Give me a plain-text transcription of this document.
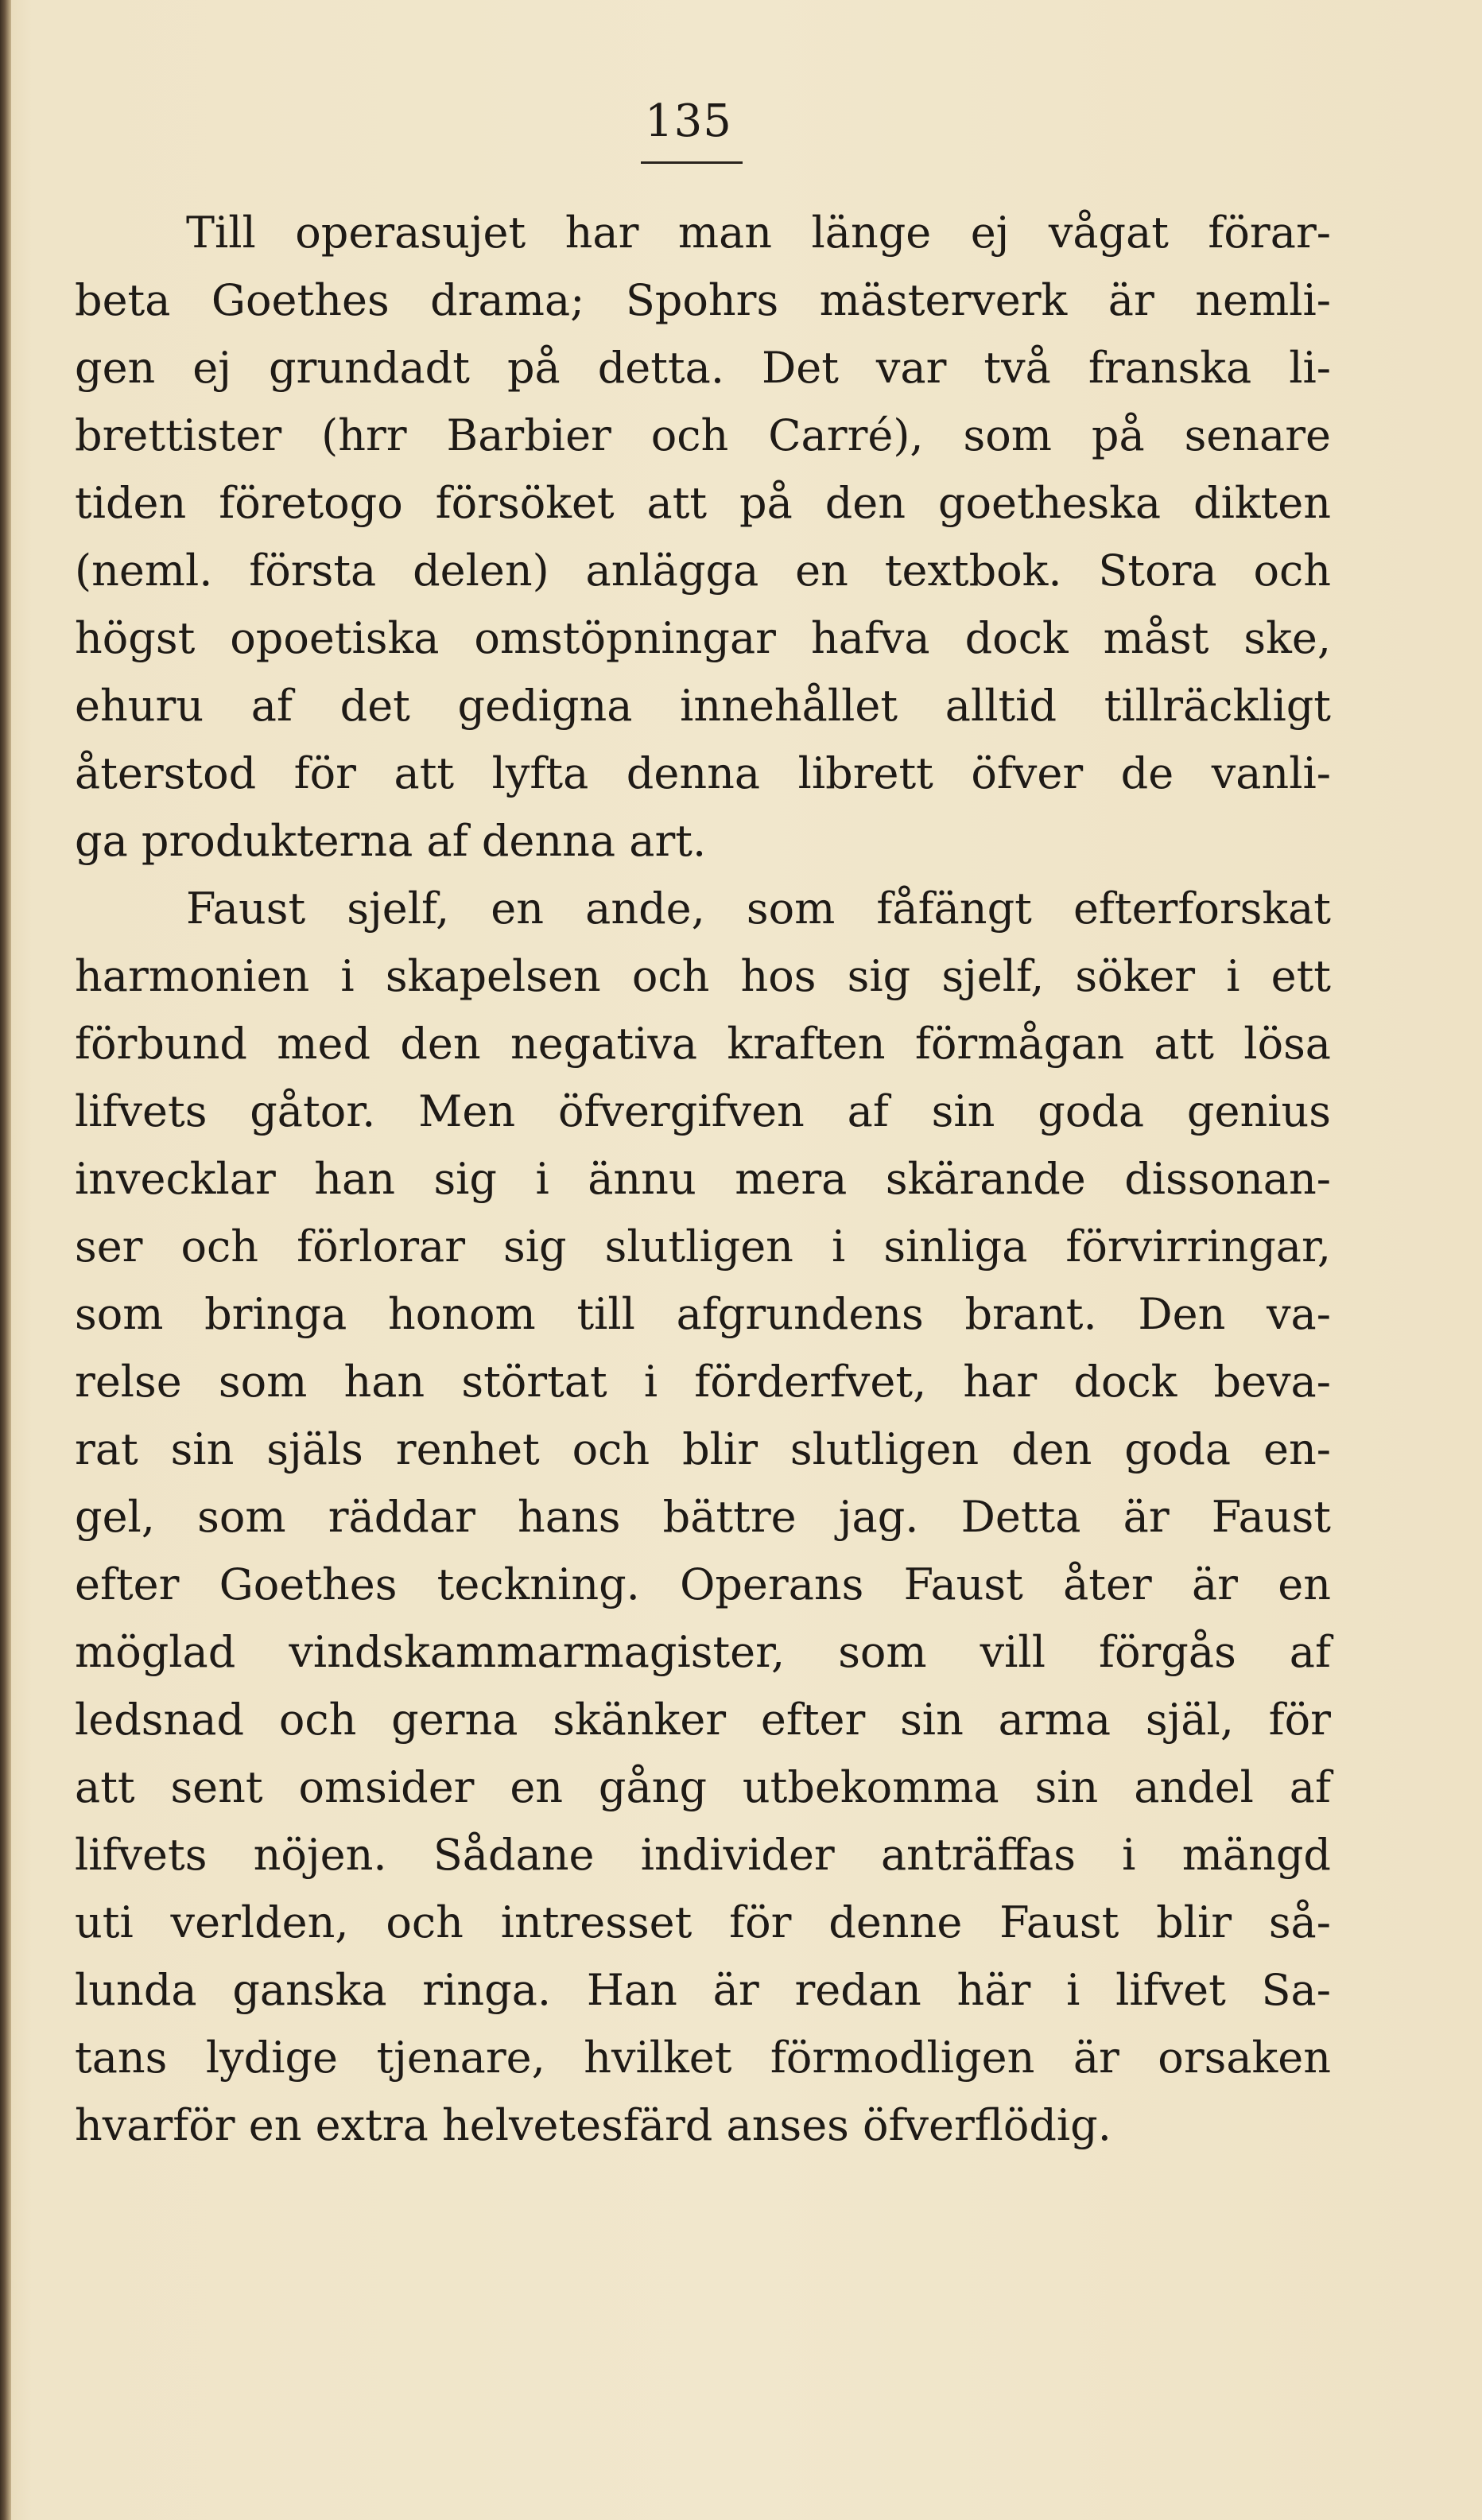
135
Till operasujet har man länge ej vågat förar-
beta Goethes drama; Spohrs mästerverk är nemli-
gen ej grundadt på detta. Det var två franska li-
brettister (hrr Barbier och Carré), som på senare
tiden företogo försöket att på den goetheska dikten
(neml. första delen) anlägga en textbok. Stora och
högst opoetiska omstöpningar hafva dock måst ske,
ehuru af det gedigna innehållet alltid tillräckligt
återstod för att lyfta denna librett öfver de vanli-
ga produkterna af denna art.
Faust sjelf, en ande, som fåfängt efterforskat
harmonien i skapelsen och hos sig sjelf, söker i ett
förbund med den negativa kraften förmågan att lösa
lifvets gåtor. Men öfvergifven af sin goda genius
invecklar han sig i ännu mera skärande dissonan-
ser och förlorar sig slutligen i sinliga förvirringar,
som bringa honom till afgrundens brant. Den va-
relse som han störtat i förderfvet, har dock beva-
rat sin själs renhet och blir slutligen den goda en-
gel, som räddar hans bättre jag. Detta är Faust
efter Goethes teckning. Operans Faust åter är en
möglad vindskammarmagister, som vill förgås af
ledsnad och gerna skänker efter sin arma själ, för
att sent omsider en gång utbekomma sin andel af
lifvets nöjen. Sådane individer anträffas i mängd
uti verlden, och intresset för denne Faust blir så-
lunda ganska ringa. Han är redan här i lifvet Sa-
tans lydige tjenare, hvilket förmodligen är orsaken
hvarför en extra helvetesfärd anses öfverflödig.
